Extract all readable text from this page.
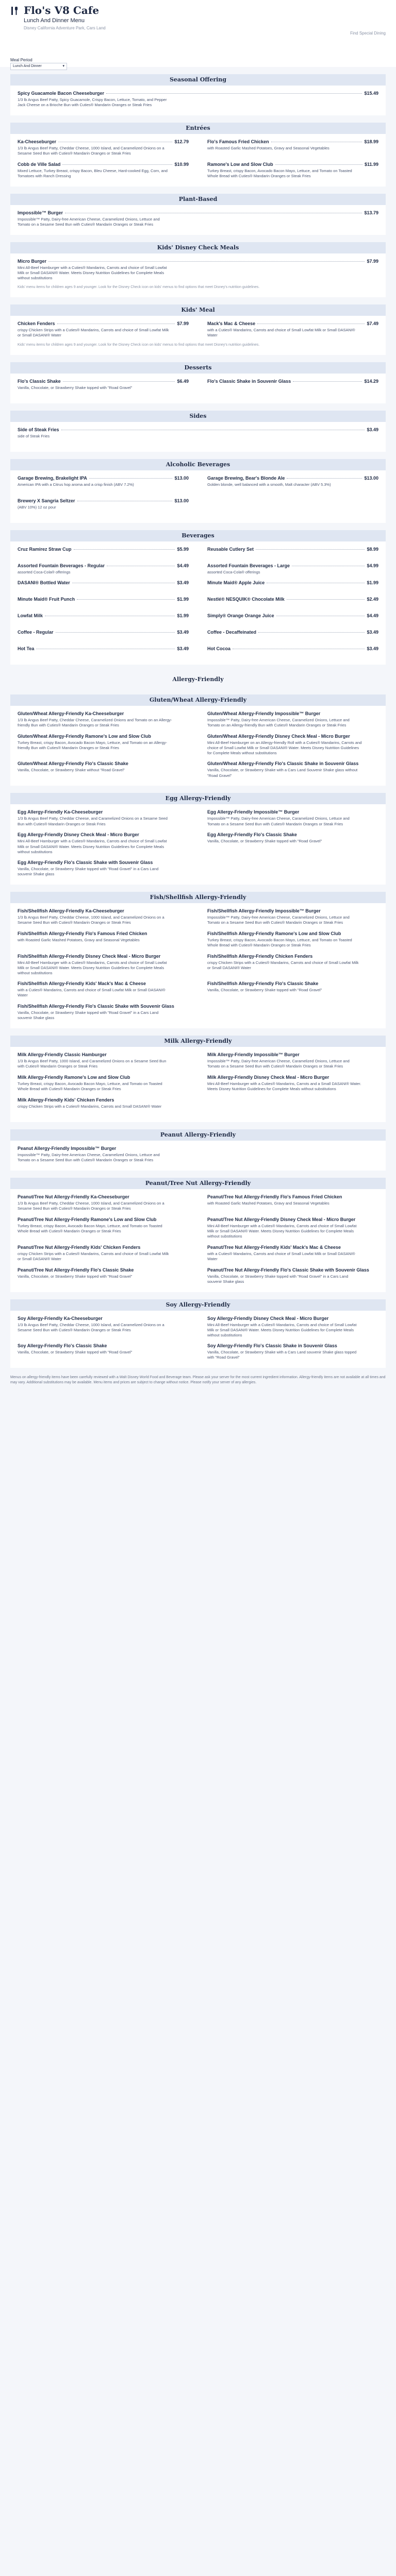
Flo's V8 Cafe
Lunch And Dinner Menu
Disney California Adventure Park, Cars Land
Find Special Dining
Meal Period
Lunch And Dinner	▾
Seasonal Offering
Spicy Guacamole Bacon Cheeseburger	$15.49
1/3 lb Angus Beef Patty, Spicy Guacamole, Crispy Bacon, Lettuce, Tomato, and Pepper Jack Cheese on a Brioche Bun with Cuties® Mandarin Oranges or Steak Fries
Entrées
Ka-Cheeseburger	$12.79
1/3 lb Angus Beef Patty, Cheddar Cheese, 1000 Island, and Caramelized Onions on a Sesame Seed Bun with Cuties® Mandarin Oranges or Steak Fries
Flo's Famous Fried Chicken	$18.99
with Roasted Garlic Mashed Potatoes, Gravy and Seasonal Vegetables
Cobb de Ville Salad	$10.99
Mixed Lettuce, Turkey Breast, crispy Bacon, Bleu Cheese, Hard-cooked Egg, Corn, and Tomatoes with Ranch Dressing
Ramone's Low and Slow Club	$11.99
Turkey Breast, crispy Bacon, Avocado Bacon Mayo, Lettuce, and Tomato on Toasted Whole Bread with Cuties® Mandarin Oranges or Steak Fries
Plant-Based
Impossible™ Burger	$13.79
Impossible™ Patty, Dairy-free American Cheese, Caramelized Onions, Lettuce and Tomato on a Sesame Seed Bun with Cuties® Mandarin Oranges or Steak Fries
Kids' Disney Check Meals
Micro Burger	$7.99
Mini All-Beef Hamburger with a Cuties® Mandarins, Carrots and choice of Small Lowfat Milk or Small DASANI® Water. Meets Disney Nutrition Guidelines for Complete Meals without substitutions
Kids' menu items for children ages 9 and younger. Look for the Disney Check icon on kids' menus to find options that meet Disney's nutrition guidelines.
Kids' Meal
Chicken Fenders	$7.99
crispy Chicken Strips with a Cuties® Mandarins, Carrots and choice of Small Lowfat Milk or Small DASANI® Water
Mack's Mac & Cheese	$7.49
with a Cuties® Mandarins, Carrots and choice of Small Lowfat Milk or Small DASANI® Water
Kids' menu items for children ages 9 and younger. Look for the Disney Check icon on kids' menus to find options that meet Disney's nutrition guidelines.
Desserts
Flo's Classic Shake	$6.49
Vanilla, Chocolate, or Strawberry Shake topped with "Road Gravel"
Flo's Classic Shake in Souvenir Glass	$14.29
Sides
Side of Steak Fries	$3.49
side of Steak Fries
Alcoholic Beverages
Garage Brewing, Brakelight IPA	$13.00
American IPA with a Citrus hop aroma and a crisp finish (ABV 7.2%)
Garage Brewing, Bear's Blonde Ale	$13.00
Golden blonde, well balanced with a smooth, Malt character (ABV 5.3%)
Brewery X Sangria Seltzer	$13.00
(ABV 10%) 12 oz pour
Beverages
Cruz Ramirez Straw Cup	$5.99	Reusable Cutlery Set	$8.99
Assorted Fountain Beverages - Regular	$4.49
assorted Coca-Cola® offerings
Assorted Fountain Beverages - Large	$4.99
assorted Coca-Cola® offerings
DASANI® Bottled Water	$3.49	Minute Maid® Apple Juice	$1.99
Minute Maid® Fruit Punch	$1.99	Nestlé® NESQUIK® Chocolate Milk	$2.49
Lowfat Milk	$1.99	Simply® Orange Orange Juice	$4.49
Coffee - Regular	$3.49	Coffee - Decaffeinated	$3.49
Hot Tea	$3.49	Hot Cocoa	$3.49
Allergy-Friendly
Gluten/Wheat Allergy-Friendly
Gluten/Wheat Allergy-Friendly Ka-Cheeseburger
1/3 lb Angus Beef Patty, Cheddar Cheese, Caramelized Onions and Tomato on an Allergy-friendly Bun with Cuties® Mandarin Oranges or Steak Fries
Gluten/Wheat Allergy-Friendly Impossible™ Burger
Impossible™ Patty, Dairy-free American Cheese, Caramelized Onions, Lettuce and Tomato on an Allergy-friendly Bun with Cuties® Mandarin Oranges or Steak Fries
Gluten/Wheat Allergy-Friendly Ramone's Low and Slow Club
Turkey Breast, crispy Bacon, Avocado Bacon Mayo, Lettuce, and Tomato on an Allergy-friendly Bun with Cuties® Mandarin Oranges or Steak Fries
Gluten/Wheat Allergy-Friendly Disney Check Meal - Micro Burger
Mini All-Beef Hamburger on an Allergy-friendly Roll with a Cuties® Mandarins, Carrots and choice of Small Lowfat Milk or Small DASANI® Water. Meets Disney Nutrition Guidelines for Complete Meals without substitutions
Gluten/Wheat Allergy-Friendly Flo's Classic Shake
Vanilla, Chocolate, or Strawberry Shake without "Road Gravel"
Gluten/Wheat Allergy-Friendly Flo's Classic Shake in Souvenir Glass
Vanilla, Chocolate, or Strawberry Shake with a Cars Land Souvenir Shake glass without "Road Gravel"
Egg Allergy-Friendly
Egg Allergy-Friendly Ka-Cheeseburger
1/3 lb Angus Beef Patty, Cheddar Cheese, and Caramelized Onions on a Sesame Seed Bun with Cuties® Mandarin Oranges or Steak Fries
Egg Allergy-Friendly Impossible™ Burger
Impossible™ Patty, Dairy-free American Cheese, Caramelized Onions, Lettuce and Tomato on a Sesame Seed Bun with Cuties® Mandarin Oranges or Steak Fries
Egg Allergy-Friendly Disney Check Meal - Micro Burger
Mini All-Beef Hamburger with a Cuties® Mandarins, Carrots and choice of Small Lowfat Milk or Small DASANI® Water. Meets Disney Nutrition Guidelines for Complete Meals without substitutions
Egg Allergy-Friendly Flo's Classic Shake
Vanilla, Chocolate, or Strawberry Shake topped with "Road Gravel"
Egg Allergy-Friendly Flo's Classic Shake with Souvenir Glass
Vanilla, Chocolate, or Strawberry Shake topped with "Road Gravel" in a Cars Land souvenir Shake glass
Fish/Shellfish Allergy-Friendly
Fish/Shellfish Allergy-Friendly Ka-Cheeseburger
1/3 lb Angus Beef Patty, Cheddar Cheese, 1000 Island, and Caramelized Onions on a Sesame Seed Bun with Cuties® Mandarin Oranges or Steak Fries
Fish/Shellfish Allergy-Friendly Impossible™ Burger
Impossible™ Patty, Dairy-free American Cheese, Caramelized Onions, Lettuce and Tomato on a Sesame Seed Bun with Cuties® Mandarin Oranges or Steak Fries
Fish/Shellfish Allergy-Friendly Flo's Famous Fried Chicken
with Roasted Garlic Mashed Potatoes, Gravy and Seasonal Vegetables
Fish/Shellfish Allergy-Friendly Ramone's Low and Slow Club
Turkey Breast, crispy Bacon, Avocado Bacon Mayo, Lettuce, and Tomato on Toasted Whole Bread with Cuties® Mandarin Oranges or Steak Fries
Fish/Shellfish Allergy-Friendly Disney Check Meal - Micro Burger
Mini All-Beef Hamburger with a Cuties® Mandarins, Carrots and choice of Small Lowfat Milk or Small DASANI® Water. Meets Disney Nutrition Guidelines for Complete Meals without substitutions
Fish/Shellfish Allergy-Friendly Chicken Fenders
crispy Chicken Strips with a Cuties® Mandarins, Carrots and choice of Small Lowfat Milk or Small DASANI® Water
Fish/Shellfish Allergy-Friendly Kids' Mack's Mac & Cheese
with a Cuties® Mandarins, Carrots and choice of Small Lowfat Milk or Small DASANI® Water
Fish/Shellfish Allergy-Friendly Flo's Classic Shake
Vanilla, Chocolate, or Strawberry Shake topped with "Road Gravel"
Fish/Shellfish Allergy-Friendly Flo's Classic Shake with Souvenir Glass
Vanilla, Chocolate, or Strawberry Shake topped with "Road Gravel" in a Cars Land souvenir Shake glass
Milk Allergy-Friendly
Milk Allergy-Friendly Classic Hamburger
1/3 lb Angus Beef Patty, 1000 Island, and Caramelized Onions on a Sesame Seed Bun with Cuties® Mandarin Oranges or Steak Fries
Milk Allergy-Friendly Impossible™ Burger
Impossible™ Patty, Dairy-free American Cheese, Caramelized Onions, Lettuce and Tomato on a Sesame Seed Bun with Cuties® Mandarin Oranges or Steak Fries
Milk Allergy-Friendly Ramone's Low and Slow Club
Turkey Breast, crispy Bacon, Avocado Bacon Mayo, Lettuce, and Tomato on Toasted Whole Bread with Cuties® Mandarin Oranges or Steak Fries
Milk Allergy-Friendly Disney Check Meal - Micro Burger
Mini All-Beef Hamburger with a Cuties® Mandarins, Carrots and a Small DASANI® Water. Meets Disney Nutrition Guidelines for Complete Meals without substitutions
Milk Allergy-Friendly Kids' Chicken Fenders
crispy Chicken Strips with a Cuties® Mandarins, Carrots and Small DASANI® Water
Peanut Allergy-Friendly
Peanut Allergy-Friendly Impossible™ Burger
Impossible™ Patty, Dairy-free American Cheese, Caramelized Onions, Lettuce and Tomato on a Sesame Seed Bun with Cuties® Mandarin Oranges or Steak Fries
Peanut/Tree Nut Allergy-Friendly
Peanut/Tree Nut Allergy-Friendly Ka-Cheeseburger
1/3 lb Angus Beef Patty, Cheddar Cheese, 1000 Island, and Caramelized Onions on a Sesame Seed Bun with Cuties® Mandarin Oranges or Steak Fries
Peanut/Tree Nut Allergy-Friendly Flo's Famous Fried Chicken
with Roasted Garlic Mashed Potatoes, Gravy and Seasonal Vegetables
Peanut/Tree Nut Allergy-Friendly Ramone's Low and Slow Club
Turkey Breast, crispy Bacon, Avocado Bacon Mayo, Lettuce, and Tomato on Toasted Whole Bread with Cuties® Mandarin Oranges or Steak Fries
Peanut/Tree Nut Allergy-Friendly Disney Check Meal - Micro Burger
Mini All-Beef Hamburger with a Cuties® Mandarins, Carrots and choice of Small Lowfat Milk or Small DASANI® Water. Meets Disney Nutrition Guidelines for Complete Meals without substitutions
Peanut/Tree Nut Allergy-Friendly Kids' Chicken Fenders
crispy Chicken Strips with a Cuties® Mandarins, Carrots and choice of Small Lowfat Milk or Small DASANI® Water
Peanut/Tree Nut Allergy-Friendly Kids' Mack's Mac & Cheese
with a Cuties® Mandarins, Carrots and choice of Small Lowfat Milk or Small DASANI® Water
Peanut/Tree Nut Allergy-Friendly Flo's Classic Shake
Vanilla, Chocolate, or Strawberry Shake topped with "Road Gravel"
Peanut/Tree Nut Allergy-Friendly Flo's Classic Shake with Souvenir Glass
Vanilla, Chocolate, or Strawberry Shake topped with "Road Gravel" in a Cars Land souvenir Shake glass
Soy Allergy-Friendly
Soy Allergy-Friendly Ka-Cheeseburger
1/3 lb Angus Beef Patty, Cheddar Cheese, 1000 Island, and Caramelized Onions on a Sesame Seed Bun with Cuties® Mandarin Oranges or Steak Fries
Soy Allergy-Friendly Disney Check Meal - Micro Burger
Mini All-Beef Hamburger with a Cuties® Mandarins, Carrots and choice of Small Lowfat Milk or Small DASANI® Water. Meets Disney Nutrition Guidelines for Complete Meals without substitutions
Soy Allergy-Friendly Flo's Classic Shake
Vanilla, Chocolate, or Strawberry Shake topped with "Road Gravel"
Soy Allergy-Friendly Flo's Classic Shake in Souvenir Glass
Vanilla, Chocolate, or Strawberry Shake with a Cars Land souvenir Shake glass topped with "Road Gravel"
Menus on allergy-friendly items have been carefully reviewed with a Walt Disney World Food and Beverage team. Please ask your server for the most current ingredient information. Allergy-friendly items are not available at all times and may vary. Additional substitutions may be available. Menu items and prices are subject to change without notice. Please notify your server of any allergies.
